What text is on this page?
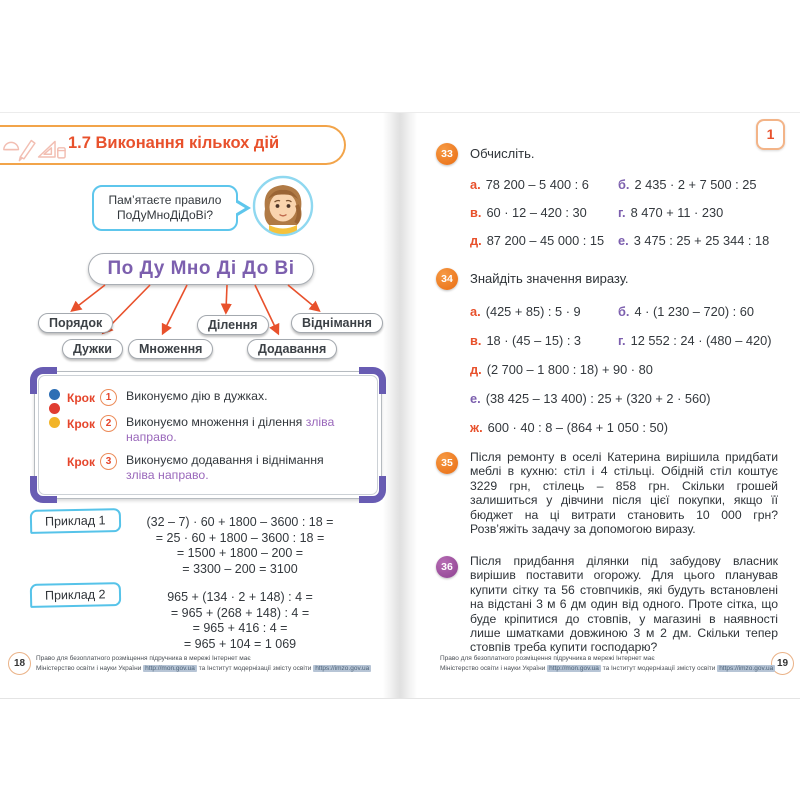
1.7 Виконання кількох дій
Пам’ятаєте правило ПоДуМноДіДоВі?
По Ду Мно Ді До Ві
Порядок
Дужки	Множення
Ділення
Додавання
Віднімання
Крок	1	Виконуємо дію в дужках.
Крок	2	Виконуємо множення і ділення зліва направо.
Крок	3	Виконуємо додавання і віднімання зліва направо.
Приклад 1	(32 – 7) · 60 + 1800 – 3600 : 18 =
= 25 · 60 + 1800 – 3600 : 18 =
= 1500 + 1800 – 200 =
= 3300 – 200 = 3100
Приклад 2	965 + (134 · 2 + 148) : 4 =
= 965 + (268 + 148) : 4 =
= 965 + 416 : 4 =
= 965 + 104 = 1 069
18	Право для безоплатного розміщення підручника в мережі Інтернет має
Міністерство освіти і науки України http://mon.gov.ua та Інститут модернізації змісту освіти https://imzo.gov.ua
1
33	Обчисліть.
а. 78 200 – 5 400 : 6 б. 2 435 · 2 + 7 500 : 25
в. 60 · 12 – 420 : 30 г. 8 470 + 11 · 230
д. 87 200 – 45 000 : 15 е. 3 475 : 25 + 25 344 : 18
34	Знайдіть значення виразу.
а. (425 + 85) : 5 · 9	б. 4 · (1 230 – 720) : 60
в. 18 · (45 – 15) : 3	г. 12 552 : 24 · (480 – 420)
д. (2 700 – 1 800 : 18) + 90 · 80
е. (38 425 – 13 400) : 25 + (320 + 2 · 560)
ж. 600 · 40 : 8 – (864 + 1 050 : 50)
35	Після ремонту в оселі Катерина вирішила придбати меблі в кухню: стіл і 4 стільці. Обідній стіл коштує 3229 грн, стілець – 858 грн. Скільки грошей залишиться у дівчини після цієї покупки, якщо її бюджет на ці витрати становить 10 000 грн? Розв’яжіть задачу за допомогою виразу.
36	Після придбання ділянки під забудову власник вирішив поставити огорожу. Для цього планував купити сітку та 56 стовпчиків, які будуть встановлені на відстані 3 м 6 дм один від одного. Проте сітка, що буде кріпитися до стовпів, у магазині в наявності лише шматками довжиною 3 м 2 дм. Скільки тепер стовпів треба купити господарю?
19
Право для безоплатного розміщення підручника в мережі Інтернет має
Міністерство освіти і науки України http://mon.gov.ua та Інститут модернізації змісту освіти https://imzo.gov.ua
